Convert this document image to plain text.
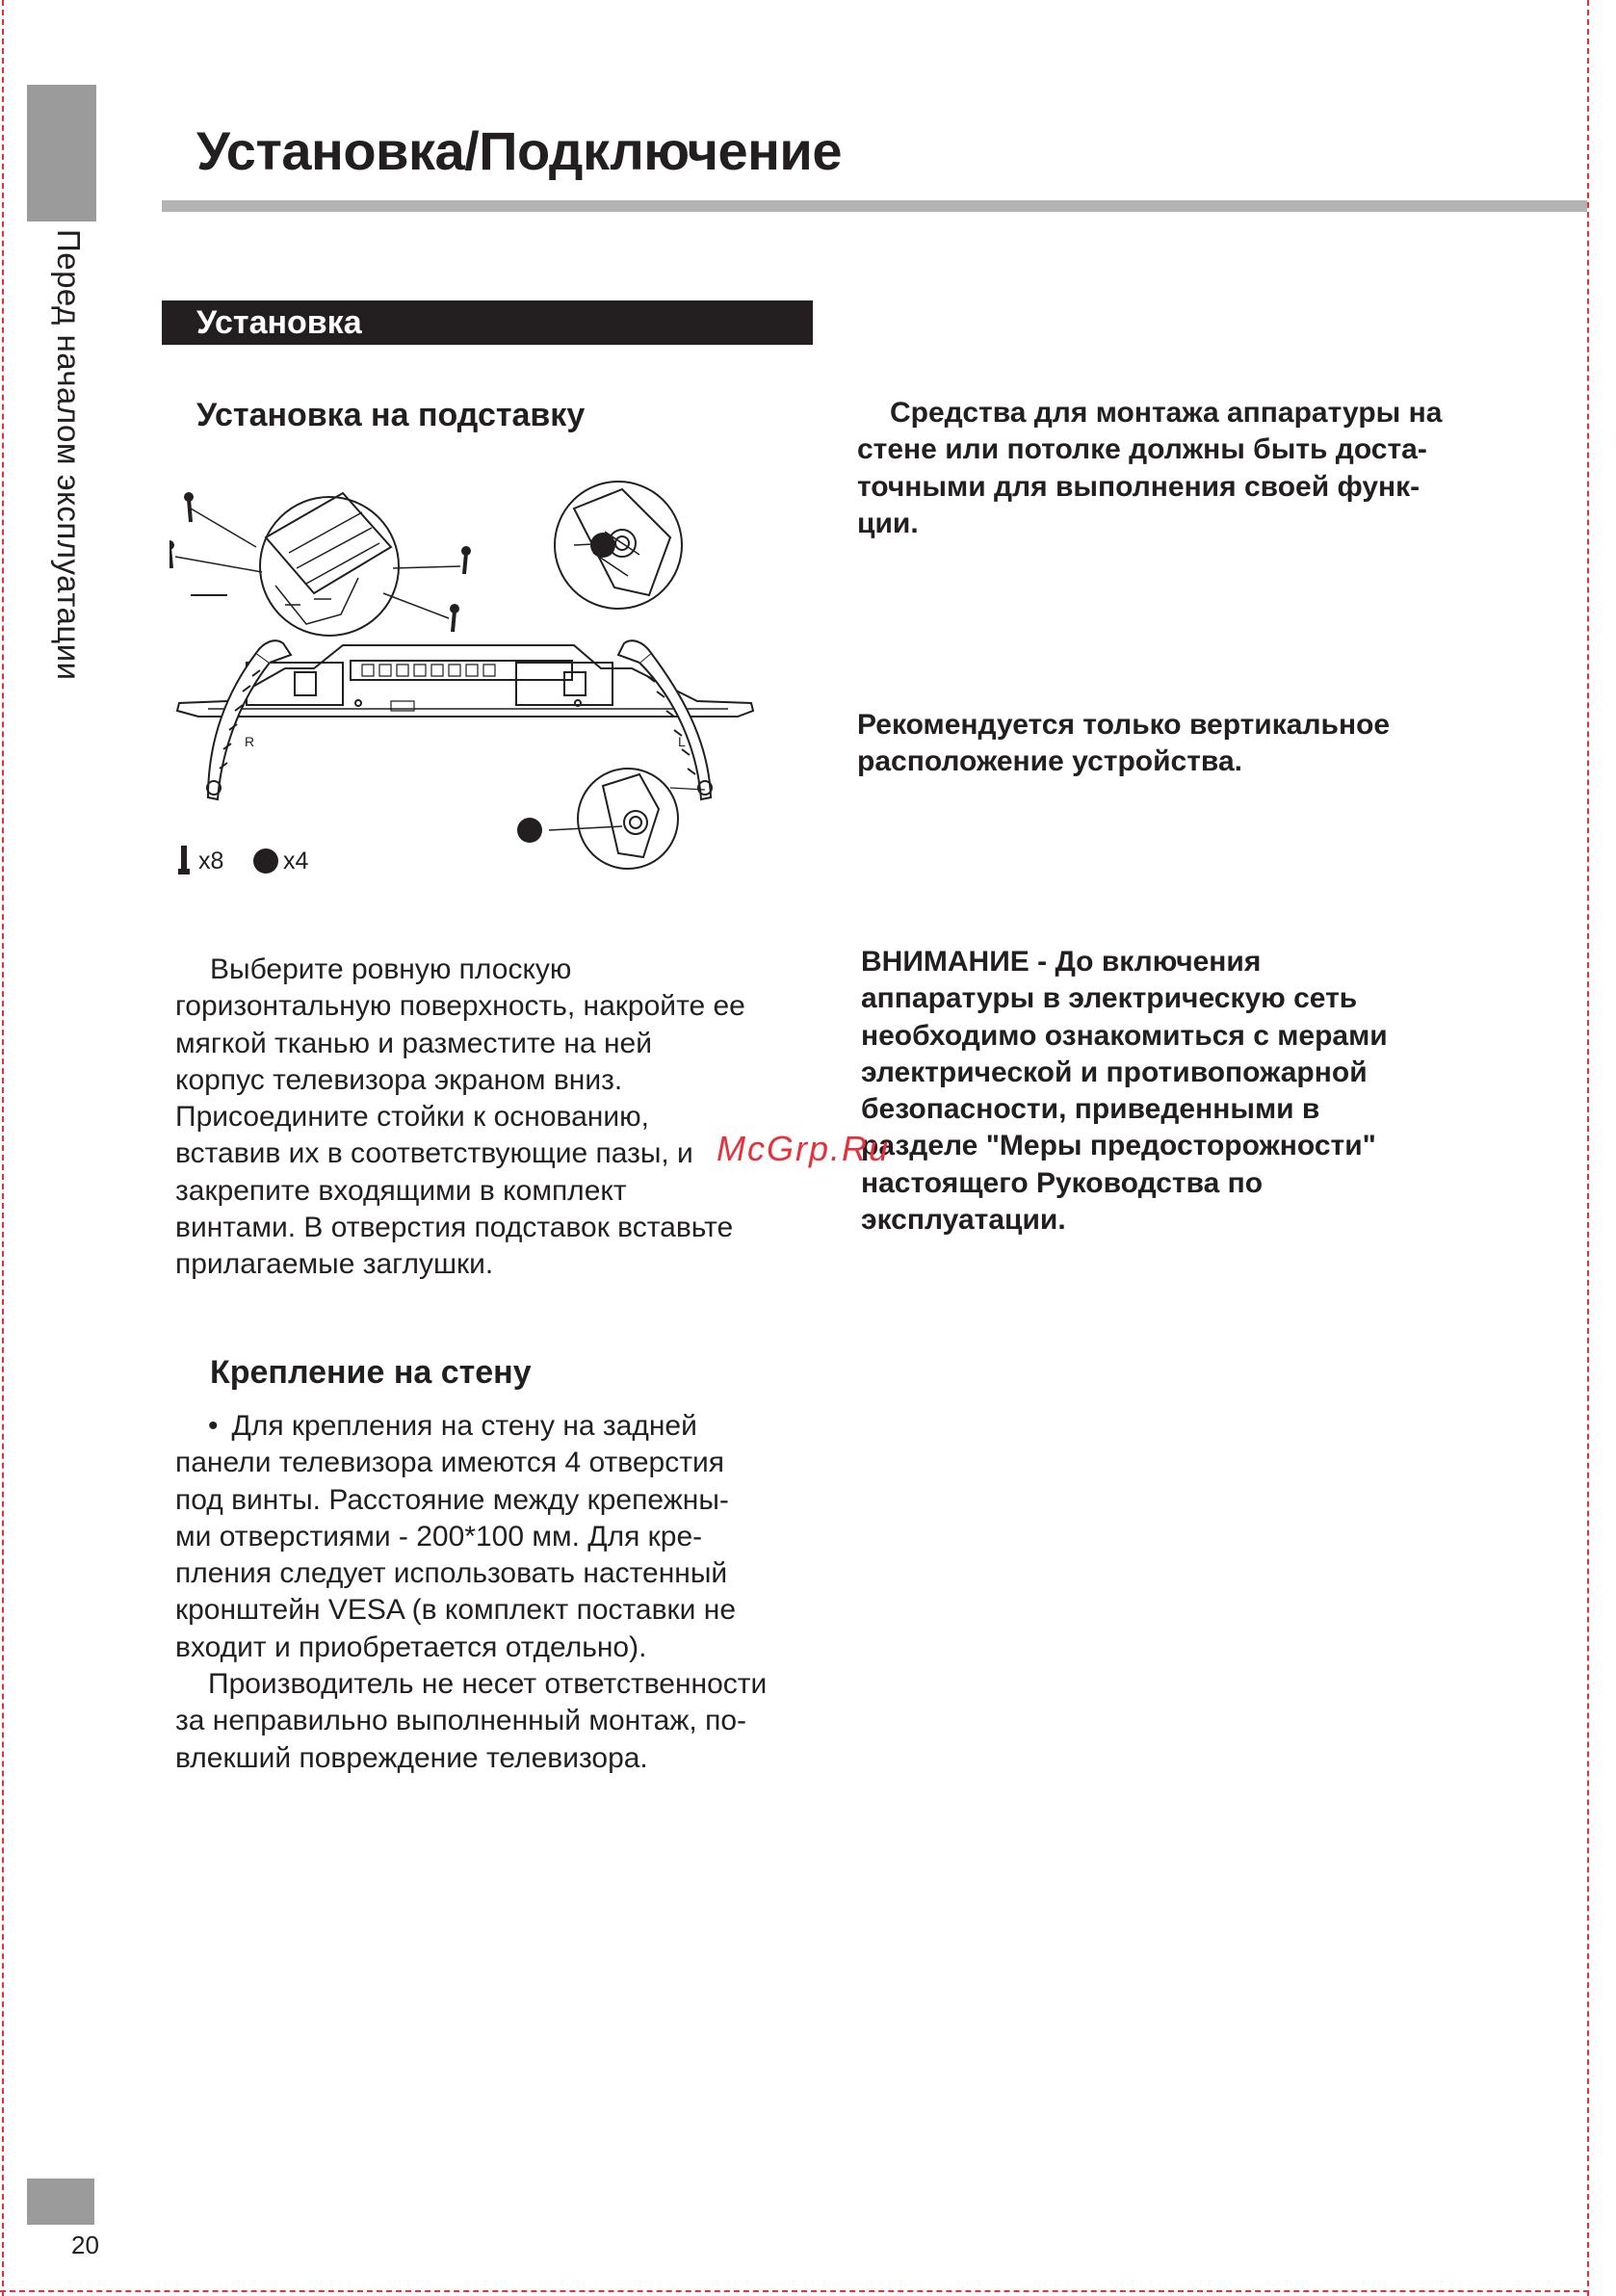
Перед началом эксплуатации
20
Установка/Подключение
Установка
Установка на подставку
R	L
x8 x4

Выберите ровную плоскую

горизонтальную поверхность, накройте ее

мягкой тканью и разместите на ней

корпус телевизора экраном вниз.

Присоедините стойки к основанию,

вставив их в соответствующие пазы, и

закрепите входящими в комплект

винтами. В отверстия подставок вставьте

прилагаемые заглушки.

Крепление на стену

• Для крепления на стену на задней

панели телевизора имеются 4 отверстия

под винты. Расстояние между крепежны-

ми отверстиями - 200*100 мм. Для кре-

пления следует использовать настенный

кронштейн VESA (в комплект поставки не

входит и приобретается отдельно).

Производитель не несет ответственности

за неправильно выполненный монтаж, по-

влекший повреждение телевизора.

Средства для монтажа аппаратуры на

стене или потолке должны быть доста-

точными для выполнения своей функ-

ции.

Рекомендуется только вертикальное

расположение устройства.

ВНИМАНИЕ - До включения

аппаратуры в электрическую сеть

необходимо ознакомиться с мерами

электрической и противопожарной

безопасности, приведенными в

разделе "Меры предосторожности"

настоящего Руководства по

эксплуатации.

McGrp.Ru
